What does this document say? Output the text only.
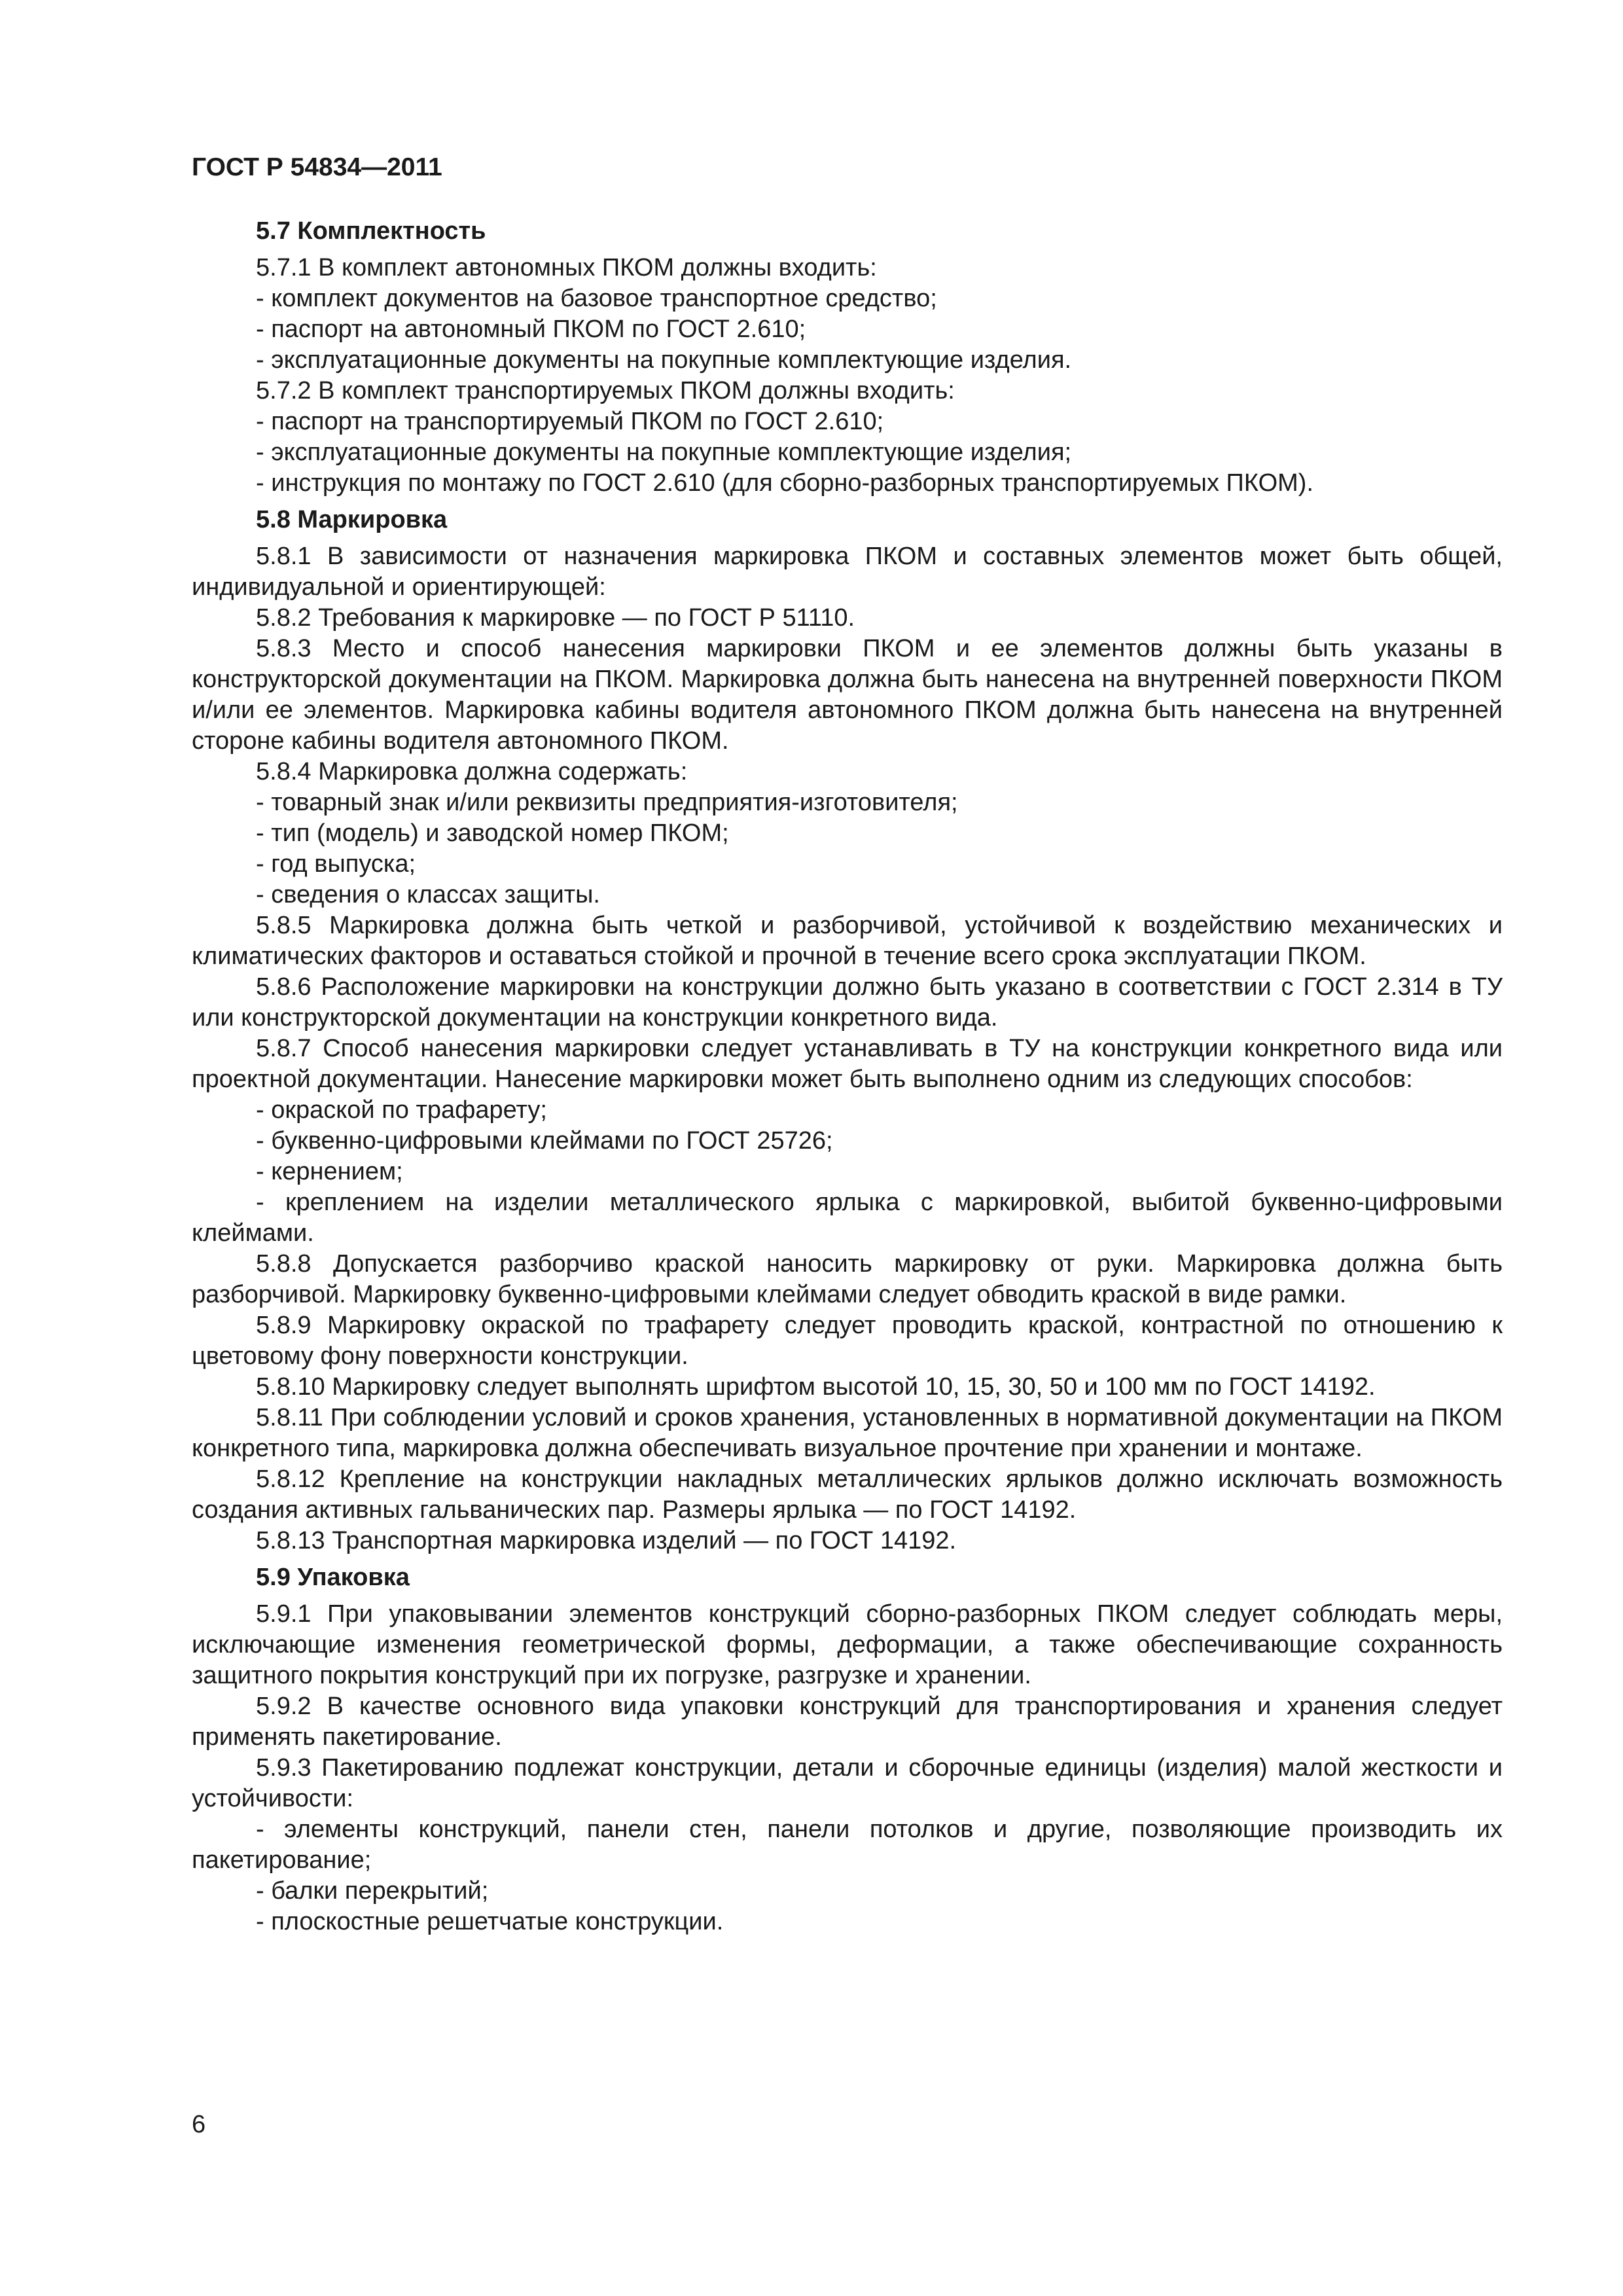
ГОСТ Р 54834—2011
5.7 Комплектность

5.7.1 В комплект автономных ПКОМ должны входить:

- комплект документов на базовое транспортное средство;

- паспорт на автономный ПКОМ по ГОСТ 2.610;

- эксплуатационные документы на покупные комплектующие изделия.

5.7.2 В комплект транспортируемых ПКОМ должны входить:

- паспорт на транспортируемый ПКОМ по ГОСТ 2.610;

- эксплуатационные документы на покупные комплектующие изделия;

- инструкция по монтажу по ГОСТ 2.610 (для сборно-разборных транспортируемых ПКОМ).

5.8 Маркировка

5.8.1 В зависимости от назначения маркировка ПКОМ и составных элементов может быть общей, индивидуальной и ориентирующей:

5.8.2 Требования к маркировке — по ГОСТ Р 51110.

5.8.3 Место и способ нанесения маркировки ПКОМ и ее элементов должны быть указаны в конструкторской документации на ПКОМ. Маркировка должна быть нанесена на внутренней поверхности ПКОМ и/или ее элементов. Маркировка кабины водителя автономного ПКОМ должна быть нанесена на внутренней стороне кабины водителя автономного ПКОМ.

5.8.4 Маркировка должна содержать:

- товарный знак и/или реквизиты предприятия-изготовителя;

- тип (модель) и заводской номер ПКОМ;

- год выпуска;

- сведения о классах защиты.

5.8.5 Маркировка должна быть четкой и разборчивой, устойчивой к воздействию механических и климатических факторов и оставаться стойкой и прочной в течение всего срока эксплуатации ПКОМ.

5.8.6 Расположение маркировки на конструкции должно быть указано в соответствии с ГОСТ 2.314 в ТУ или конструкторской документации на конструкции конкретного вида.

5.8.7 Способ нанесения маркировки следует устанавливать в ТУ на конструкции конкретного вида или проектной документации. Нанесение маркировки может быть выполнено одним из следующих способов:

- окраской по трафарету;

- буквенно-цифровыми клеймами по ГОСТ 25726;

- кернением;

- креплением на изделии металлического ярлыка с маркировкой, выбитой буквенно-цифровыми клеймами.

5.8.8 Допускается разборчиво краской наносить маркировку от руки. Маркировка должна быть разборчивой. Маркировку буквенно-цифровыми клеймами следует обводить краской в виде рамки.

5.8.9 Маркировку окраской по трафарету следует проводить краской, контрастной по отношению к цветовому фону поверхности конструкции.

5.8.10 Маркировку следует выполнять шрифтом высотой 10, 15, 30, 50 и 100 мм по ГОСТ 14192.

5.8.11 При соблюдении условий и сроков хранения, установленных в нормативной документации на ПКОМ конкретного типа, маркировка должна обеспечивать визуальное прочтение при хранении и монтаже.

5.8.12 Крепление на конструкции накладных металлических ярлыков должно исключать возможность создания активных гальванических пар. Размеры ярлыка — по ГОСТ 14192.

5.8.13 Транспортная маркировка изделий — по ГОСТ 14192.

5.9 Упаковка

5.9.1 При упаковывании элементов конструкций сборно-разборных ПКОМ следует соблюдать меры, исключающие изменения геометрической формы, деформации, а также обеспечивающие сохранность защитного покрытия конструкций при их погрузке, разгрузке и хранении.

5.9.2 В качестве основного вида упаковки конструкций для транспортирования и хранения следует применять пакетирование.

5.9.3 Пакетированию подлежат конструкции, детали и сборочные единицы (изделия) малой жесткости и устойчивости:

- элементы конструкций, панели стен, панели потолков и другие, позволяющие производить их пакетирование;

- балки перекрытий;

- плоскостные решетчатые конструкции.

6
